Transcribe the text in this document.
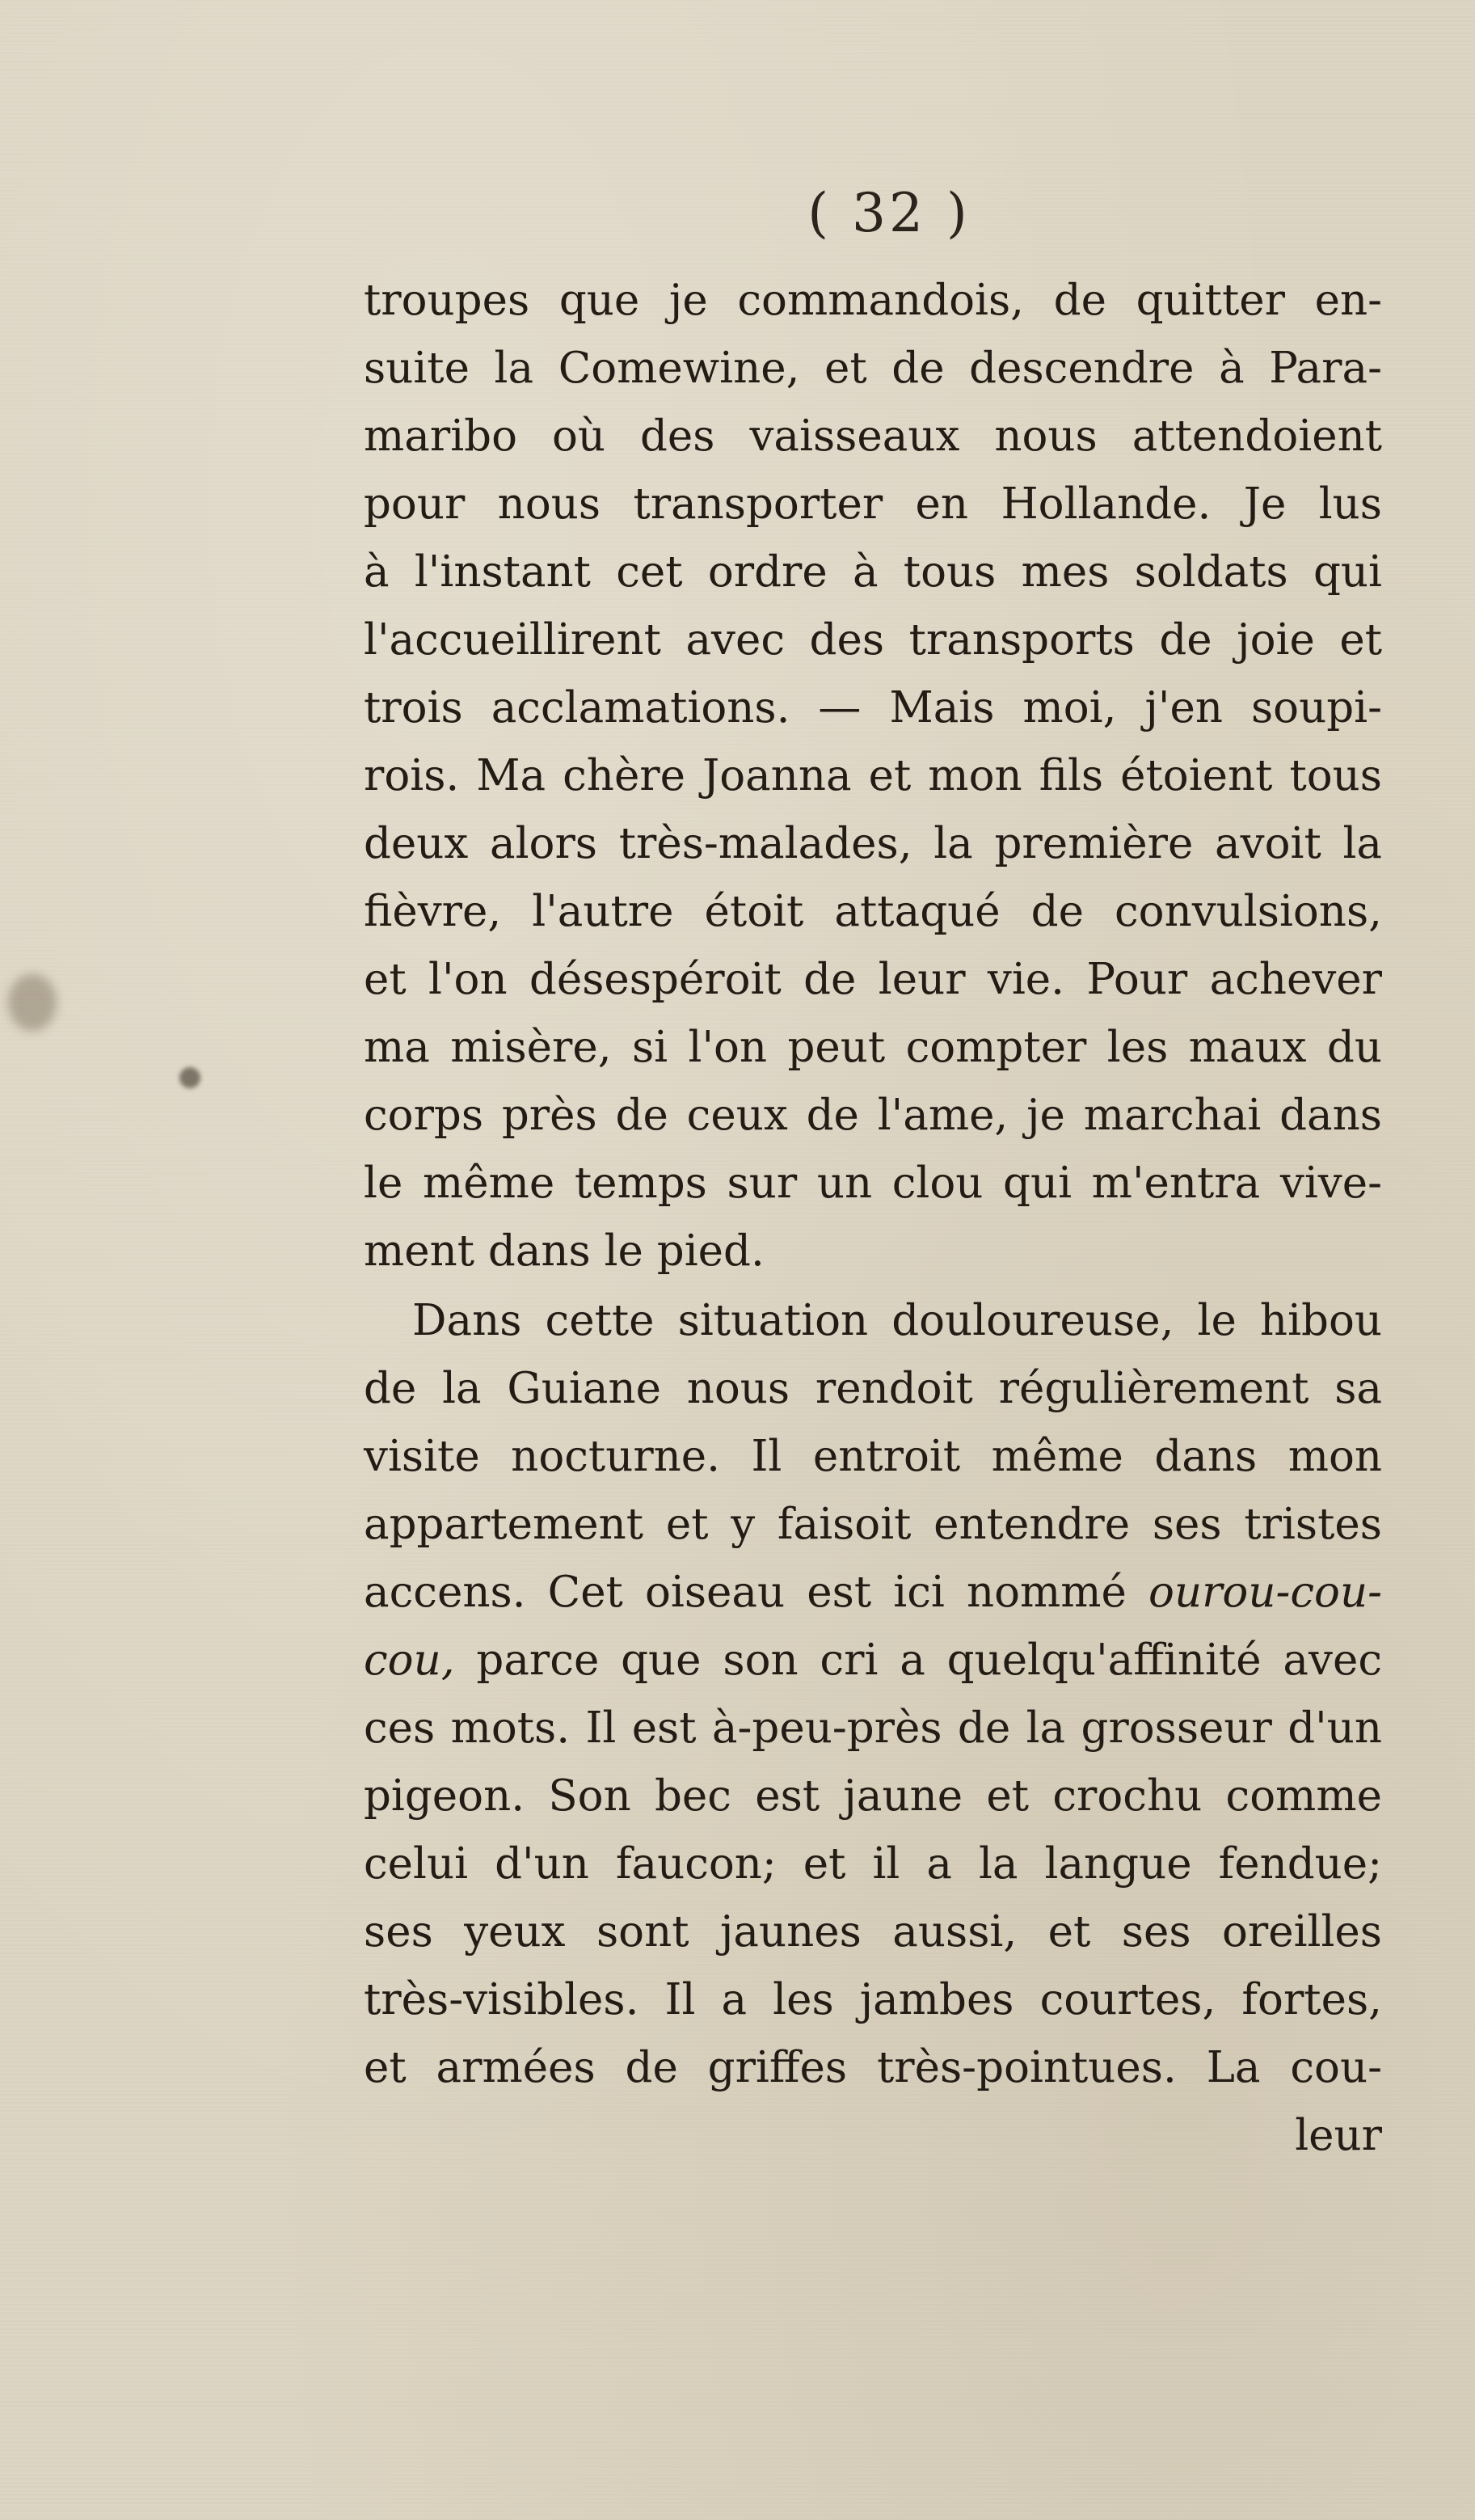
( 32 )
troupes que je commandois, de quitter en-
suite la Comewine, et de descendre à Para-
maribo où des vaisseaux nous attendoient
pour nous transporter en Hollande. Je lus
à l'instant cet ordre à tous mes soldats qui
l'accueillirent avec des transports de joie et
trois acclamations. — Mais moi, j'en soupi-
rois. Ma chère Joanna et mon fils étoient tous
deux alors très-malades, la première avoit la
fièvre, l'autre étoit attaqué de convulsions,
et l'on désespéroit de leur vie. Pour achever
ma misère, si l'on peut compter les maux du
corps près de ceux de l'ame, je marchai dans
le même temps sur un clou qui m'entra vive-
ment dans le pied.
Dans cette situation douloureuse, le hibou
de la Guiane nous rendoit régulièrement sa
visite nocturne. Il entroit même dans mon
appartement et y faisoit entendre ses tristes
accens. Cet oiseau est ici nommé ourou-cou-
cou, parce que son cri a quelqu'affinité avec
ces mots. Il est à-peu-près de la grosseur d'un
pigeon. Son bec est jaune et crochu comme
celui d'un faucon; et il a la langue fendue;
ses yeux sont jaunes aussi, et ses oreilles
très-visibles. Il a les jambes courtes, fortes,
et armées de griffes très-pointues. La cou-
leur
